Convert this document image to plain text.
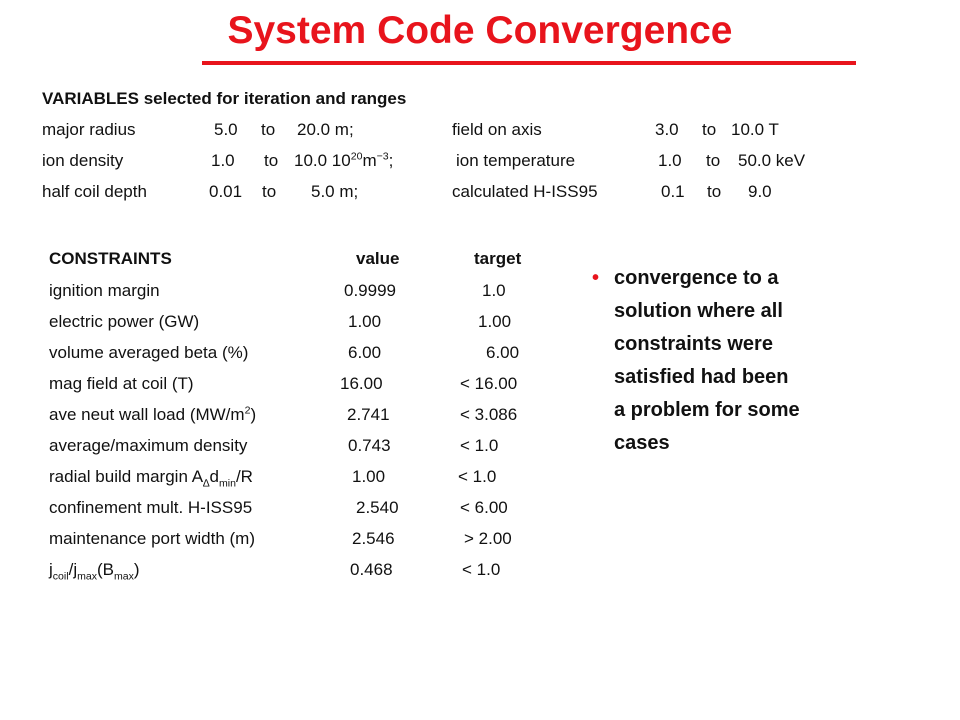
System Code Convergence
VARIABLES selected for iteration and ranges
major radius	5.0 to 20.0 m;	field on axis	3.0 to 10.0 T
ion density	1.0 to 10.0 $10^{20}m^{-3}$;	ion temperature	1.0 to 50.0 keV
half coil depth	0.01 to 5.0 m;	calculated H-ISS95	0.1 to 9.0
CONSTRAINTS	value	target
ignition margin	0.9999	1.0
electric power (GW)	1.00	1.00
volume averaged beta (%)	6.00	6.00
mag field at coil (T)	16.00	< 16.00
ave neut wall load $(MW/m^2)$	2.741	< 3.086
average/maximum density	0.743	< 1.0
radial build margin $A_\Delta d_{min}/R$	1.00	< 1.0
confinement mult. H-ISS95	2.540	< 6.00
maintenance port width (m)	2.546	> 2.00
$j_{coil}/j_{max}(B_{max})$	0.468	< 1.0
• convergence to a
solution where all
constraints were
satisfied had been
a problem for some
cases
